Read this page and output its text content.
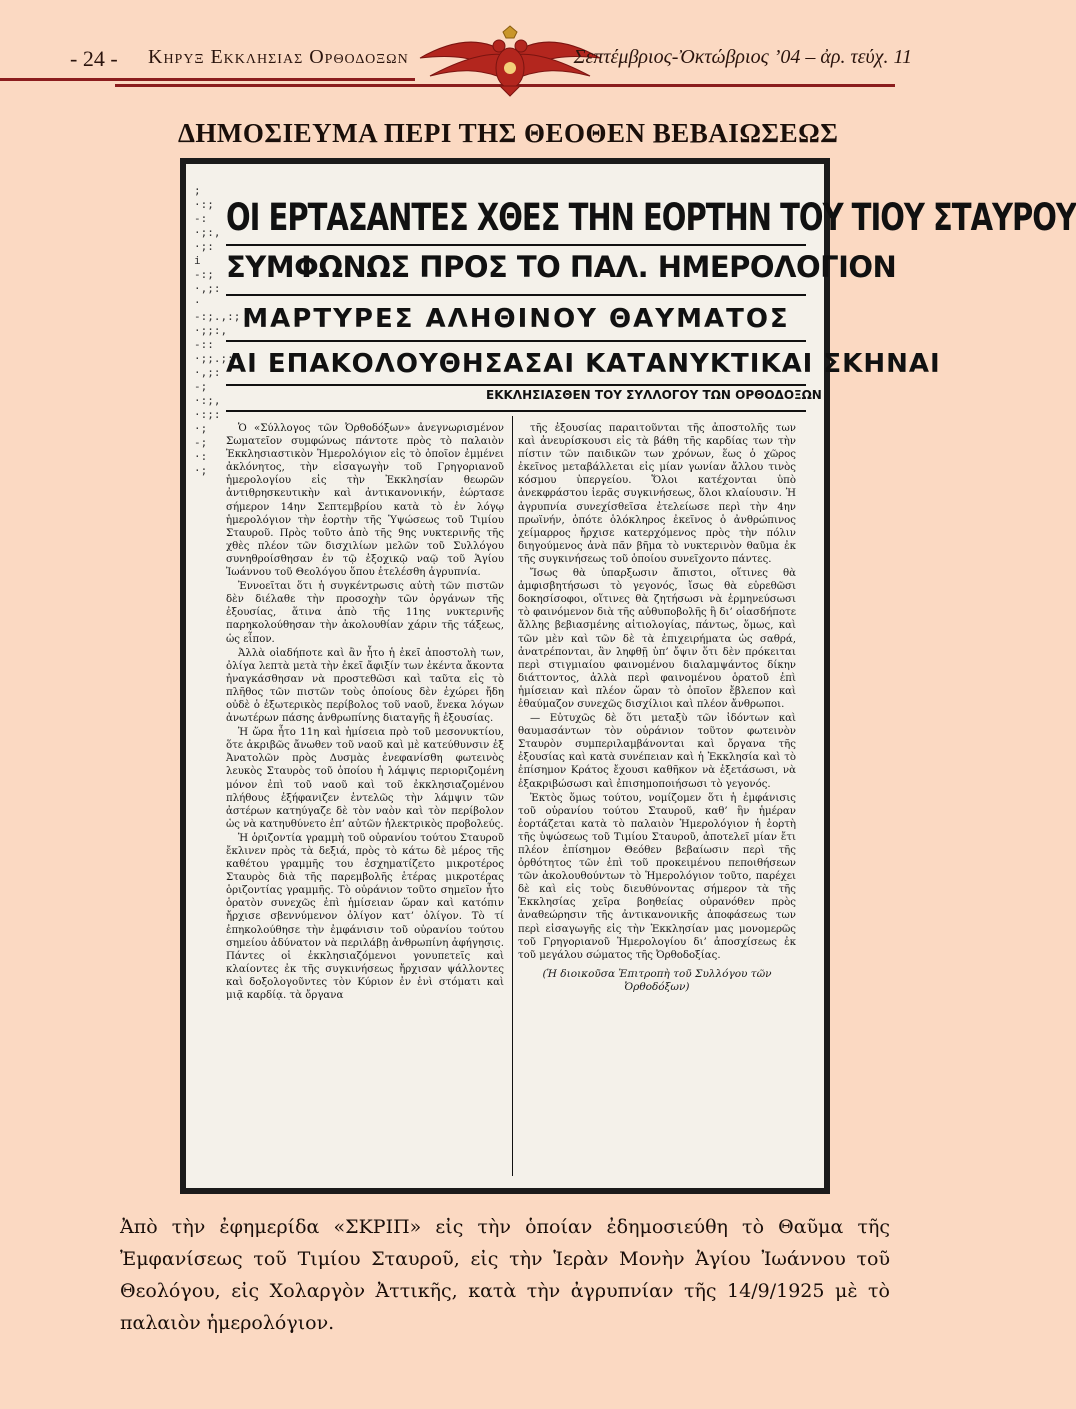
- 24 - Κηρυξ Εκκλησιας Ορθοδοξων	Σεπτέμβριος-Ὀκτώβριος ’04 – ἀρ. τεύχ. 11
ΔΗΜΟΣΙΕΥΜΑ ΠΕΡΙ ΤΗΣ ΘΕΟΘΕΝ ΒΕΒΑΙΩΣΕΩΣ
;·:;-:·;:,·;:i-:;·,;:·-:;.,:;·;;:,-::·;;.;:·,;:-;·:;,·:;:·;-;·:·;
ΟΙ ΕΡΤΑΣΑΝΤΕΣ ΧΘΕΣ ΤΗΝ ΕΟΡΤΗΝ ΤΟΥ ΤΙΟΥ ΣΤΑΥΡΟΥ
ΣΥΜΦΩΝΩΣ ΠΡΟΣ ΤΟ ΠΑΛ. ΗΜΕΡΟΛΟΓΙΟΝ
ΜΑΡΤΥΡΕΣ ΑΛΗΘΙΝΟΥ ΘΑΥΜΑΤΟΣ
ΑΙ ΕΠΑΚΟΛΟΥΘΗΣΑΣΑΙ ΚΑΤΑΝΥΚΤΙΚΑΙ ΣΚΗΝΑΙ
ΕΚΚΛΗΣΙΑΣΘΕΝ ΤΟΥ ΣΥΛΛΟΓΟΥ ΤΩΝ ΟΡΘΟΔΟΞΩΝ

Ὁ «Σύλλογος τῶν Ὀρθοδόξων» ἀνεγνωρισμένον Σωματεῖον συμφώνως πάντοτε πρὸς τὸ παλαιὸν Ἐκκλησιαστικὸν Ἡμερολόγιον εἰς τὸ ὁποῖον ἐμμένει ἀκλόνητος, τὴν εἰσαγωγὴν τοῦ Γρηγοριανοῦ ἡμερολογίου εἰς τὴν Ἐκκλησίαν θεωρῶν ἀντιθρησκευτικὴν καὶ ἀντικανονικήν, ἑώρτασε σήμερον 14ην Σεπτεμβρίου κατὰ τὸ ἐν λόγῳ ἡμερολόγιον τὴν ἑορτὴν τῆς Ὑψώσεως τοῦ Τιμίου Σταυροῦ. Πρὸς τοῦτο ἀπὸ τῆς 9ης νυκτερινῆς τῆς χθὲς πλέον τῶν δισχιλίων μελῶν τοῦ Συλλόγου συνηθροίσθησαν ἐν τῷ ἐξοχικῷ ναῷ τοῦ Ἁγίου Ἰωάννου τοῦ Θεολόγου ὅπου ἐτελέσθη ἀγρυπνία.

Ἐννοεῖται ὅτι ἡ συγκέντρωσις αὐτὴ τῶν πιστῶν δὲν διέλαθε τὴν προσοχὴν τῶν ὀργάνων τῆς ἐξουσίας, ἅτινα ἀπὸ τῆς 11ης νυκτερινῆς παρηκολούθησαν τὴν ἀκολουθίαν χάριν τῆς τάξεως, ὡς εἶπον.

Ἀλλὰ οἱαδήποτε καὶ ἂν ἦτο ἡ ἐκεῖ ἀποστολὴ των, ὀλίγα λεπτὰ μετὰ τὴν ἐκεῖ ἄφιξίν των ἐκέντα ἄκοντα ἠναγκάσθησαν νὰ προστεθῶσι καὶ ταῦτα εἰς τὸ πλῆθος τῶν πιστῶν τοὺς ὁποίους δὲν ἐχώρει ἤδη οὐδὲ ὁ ἐξωτερικὸς περίβολος τοῦ ναοῦ, ἕνεκα λόγων ἀνωτέρων πάσης ἀνθρωπίνης διαταγῆς ἢ ἐξουσίας.

Ἡ ὥρα ἦτο 11η καὶ ἡμίσεια πρὸ τοῦ μεσονυκτίου, ὅτε ἀκριβῶς ἄνωθεν τοῦ ναοῦ καὶ μὲ κατεύθυνσιν ἐξ Ἀνατολῶν πρὸς Δυσμὰς ἐνεφανίσθη φωτεινὸς λευκὸς Σταυρὸς τοῦ ὁποίου ἡ λάμψις περιοριζομένη μόνον ἐπὶ τοῦ ναοῦ καὶ τοῦ ἐκκλησιαζομένου πλήθους ἐξήφανιζεν ἐντελῶς τὴν λάμψιν τῶν ἀστέρων κατηύγαζε δὲ τὸν ναὸν καὶ τὸν περίβολον ὡς νὰ κατηυθύνετο ἐπ’ αὐτῶν ἠλεκτρικὸς προβολεύς.

Ἡ ὁριζοντία γραμμὴ τοῦ οὐρανίου τούτου Σταυροῦ ἔκλινεν πρὸς τὰ δεξιά, πρὸς τὸ κάτω δὲ μέρος τῆς καθέτου γραμμῆς του ἐσχηματίζετο μικροτέρος Σταυρὸς διὰ τῆς παρεμβολῆς ἑτέρας μικροτέρας ὁριζοντίας γραμμῆς. Τὸ οὐράνιον τοῦτο σημεῖον ἦτο ὁρατὸν συνεχῶς ἐπὶ ἡμίσειαν ὥραν καὶ κατόπιν ἤρχισε σβεννύμενον ὀλίγον κατ’ ὀλίγον. Τὸ τί ἐπηκολούθησε τὴν ἐμφάνισιν τοῦ οὐρανίου τούτου σημείου ἀδύνατον νὰ περιλάβῃ ἀνθρωπίνη ἀφήγησις. Πάντες οἱ ἐκκλησιαζόμενοι γονυπετεῖς καὶ κλαίοντες ἐκ τῆς συγκινήσεως ἤρχισαν ψάλλοντες καὶ δοξολογοῦντες τὸν Κύριον ἐν ἑνὶ στόματι καὶ μιᾷ καρδίᾳ. τὰ ὄργανα

τῆς ἐξουσίας παραιτοῦνται τῆς ἀποστολῆς των καὶ ἀνευρίσκουσι εἰς τὰ βάθη τῆς καρδίας των τὴν πίστιν τῶν παιδικῶν των χρόνων, ἕως ὁ χῶρος ἐκεῖνος μεταβάλλεται εἰς μίαν γωνίαν ἄλλου τινὸς κόσμου ὑπεργείου. Ὅλοι κατέχονται ὑπὸ ἀνεκφράστου ἱερᾶς συγκινήσεως, ὅλοι κλαίουσιν. Ἡ ἀγρυπνία συνεχίσθεῖσα ἐτελείωσε περὶ τὴν 4ην πρωϊνήν, ὁπότε ὁλόκληρος ἐκεῖνος ὁ ἀνθρώπινος χείμαρρος ἤρχισε κατερχόμενος πρὸς τὴν πόλιν διηγούμενος ἀνὰ πᾶν βῆμα τὸ νυκτερινὸν θαῦμα ἐκ τῆς συγκινήσεως τοῦ ὁποίου συνεῖχοντο πάντες.

Ἴσως θὰ ὑπαρξωσιν ἄπιστοι, οἵτινες θὰ ἀμφισβητήσωσι τὸ γεγονός, ἴσως θὰ εὑρεθῶσι δοκησίσοφοι, οἵτινες θὰ ζητήσωσι νὰ ἑρμηνεύσωσι τὸ φαινόμενον διὰ τῆς αὐθυποβολῆς ἢ δι’ οἱασδήποτε ἄλλης βεβιασμένης αἰτιολογίας, πάντως, ὅμως, καὶ τῶν μὲν καὶ τῶν δὲ τὰ ἐπιχειρήματα ὡς σαθρά, ἀνατρέπονται, ἂν ληφθῇ ὑπ’ ὄψιν ὅτι δὲν πρόκειται περὶ στιγμιαίου φαινομένου διαλαμψάντος δίκην διάττοντος, ἀλλὰ περὶ φαινομένου ὁρατοῦ ἐπὶ ἡμίσειαν καὶ πλέον ὥραν τὸ ὁποῖον ἔβλεπον καὶ ἐθαύμαζον συνεχῶς δισχίλιοι καὶ πλέον ἄνθρωποι.

— Εὐτυχῶς δὲ ὅτι μεταξὺ τῶν ἰδόντων καὶ θαυμασάντων τὸν οὐράνιον τοῦτον φωτεινὸν Σταυρὸν συμπεριλαμβάνονται καὶ ὄργανα τῆς ἐξουσίας καὶ κατὰ συνέπειαν καὶ ἡ Ἐκκλησία καὶ τὸ ἐπίσημον Κράτος ἔχουσι καθῆκον νὰ ἐξετάσωσι, νὰ ἐξακριβώσωσι καὶ ἐπισημοποιήσωσι τὸ γεγονός.

Ἐκτὸς ὅμως τούτου, νομίζομεν ὅτι ἡ ἐμφάνισις τοῦ οὐρανίου τούτου Σταυροῦ, καθ’ ἣν ἡμέραν ἑορτάζεται κατὰ τὸ παλαιὸν Ἡμερολόγιον ἡ ἑορτὴ τῆς ὑψώσεως τοῦ Τιμίου Σταυροῦ, ἀποτελεῖ μίαν ἔτι πλέον ἐπίσημον Θεόθεν βεβαίωσιν περὶ τῆς ὀρθότητος τῶν ἐπὶ τοῦ προκειμένου πεποιθήσεων τῶν ἀκολουθούντων τὸ Ἡμερολόγιον τοῦτο, παρέχει δὲ καὶ εἰς τοὺς διευθύνοντας σήμερον τὰ τῆς Ἐκκλησίας χεῖρα βοηθείας οὐρανόθεν πρὸς ἀναθεώρησιν τῆς ἀντικανονικῆς ἀποφάσεως των περὶ εἰσαγωγῆς εἰς τὴν Ἐκκλησίαν μας μονομερῶς τοῦ Γρηγοριανοῦ Ἡμερολογίου δι’ ἀποσχίσεως ἐκ τοῦ μεγάλου σώματος τῆς Ὀρθοδοξίας.

(Ἡ διοικοῦσα Ἐπιτροπὴ τοῦ Συλλόγου τῶν Ὀρθοδόξων)
Ἀπὸ τὴν ἐφημερίδα «ΣΚΡΙΠ» εἰς τὴν ὁποίαν ἐδημοσιεύθη τὸ Θαῦμα τῆς Ἐμφανίσεως τοῦ Τιμίου Σταυροῦ, εἰς τὴν Ἱερὰν Μονὴν Ἁγίου Ἰωάννου τοῦ Θεολόγου, εἰς Χολαργὸν Ἀττικῆς, κατὰ τὴν ἀγρυπνίαν τῆς 14/9/1925 μὲ τὸ παλαιὸν ἡμερολόγιον.
